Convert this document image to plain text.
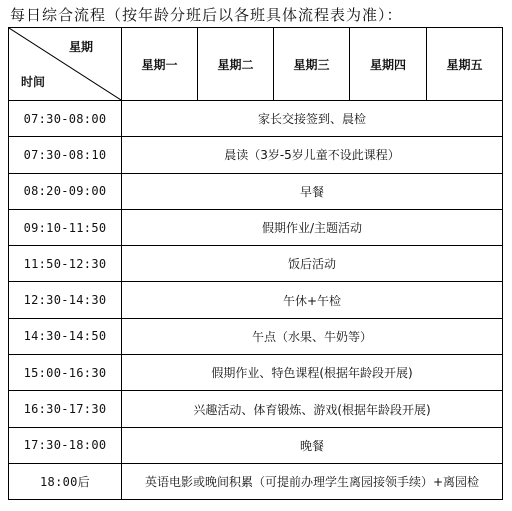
每日综合流程（按年龄分班后以各班具体流程表为准）：
星期
时间	星期一	星期二	星期三	星期四	星期五
07:30-08:00	家长交接签到、晨检				
07:30-08:10	晨读（3岁-5岁儿童不设此课程）				
08:20-09:00	早餐				
09:10-11:50	假期作业/主题活动				
11:50-12:30	饭后活动				
12:30-14:30	午休+午检				
14:30-14:50	午点（水果、牛奶等）				
15:00-16:30	假期作业、特色课程(根据年龄段开展)				
16:30-17:30	兴趣活动、体育锻炼、游戏(根据年龄段开展)				
17:30-18:00	晚餐				
18:00后	英语电影或晚间积累（可提前办理学生离园接领手续）+离园检				
